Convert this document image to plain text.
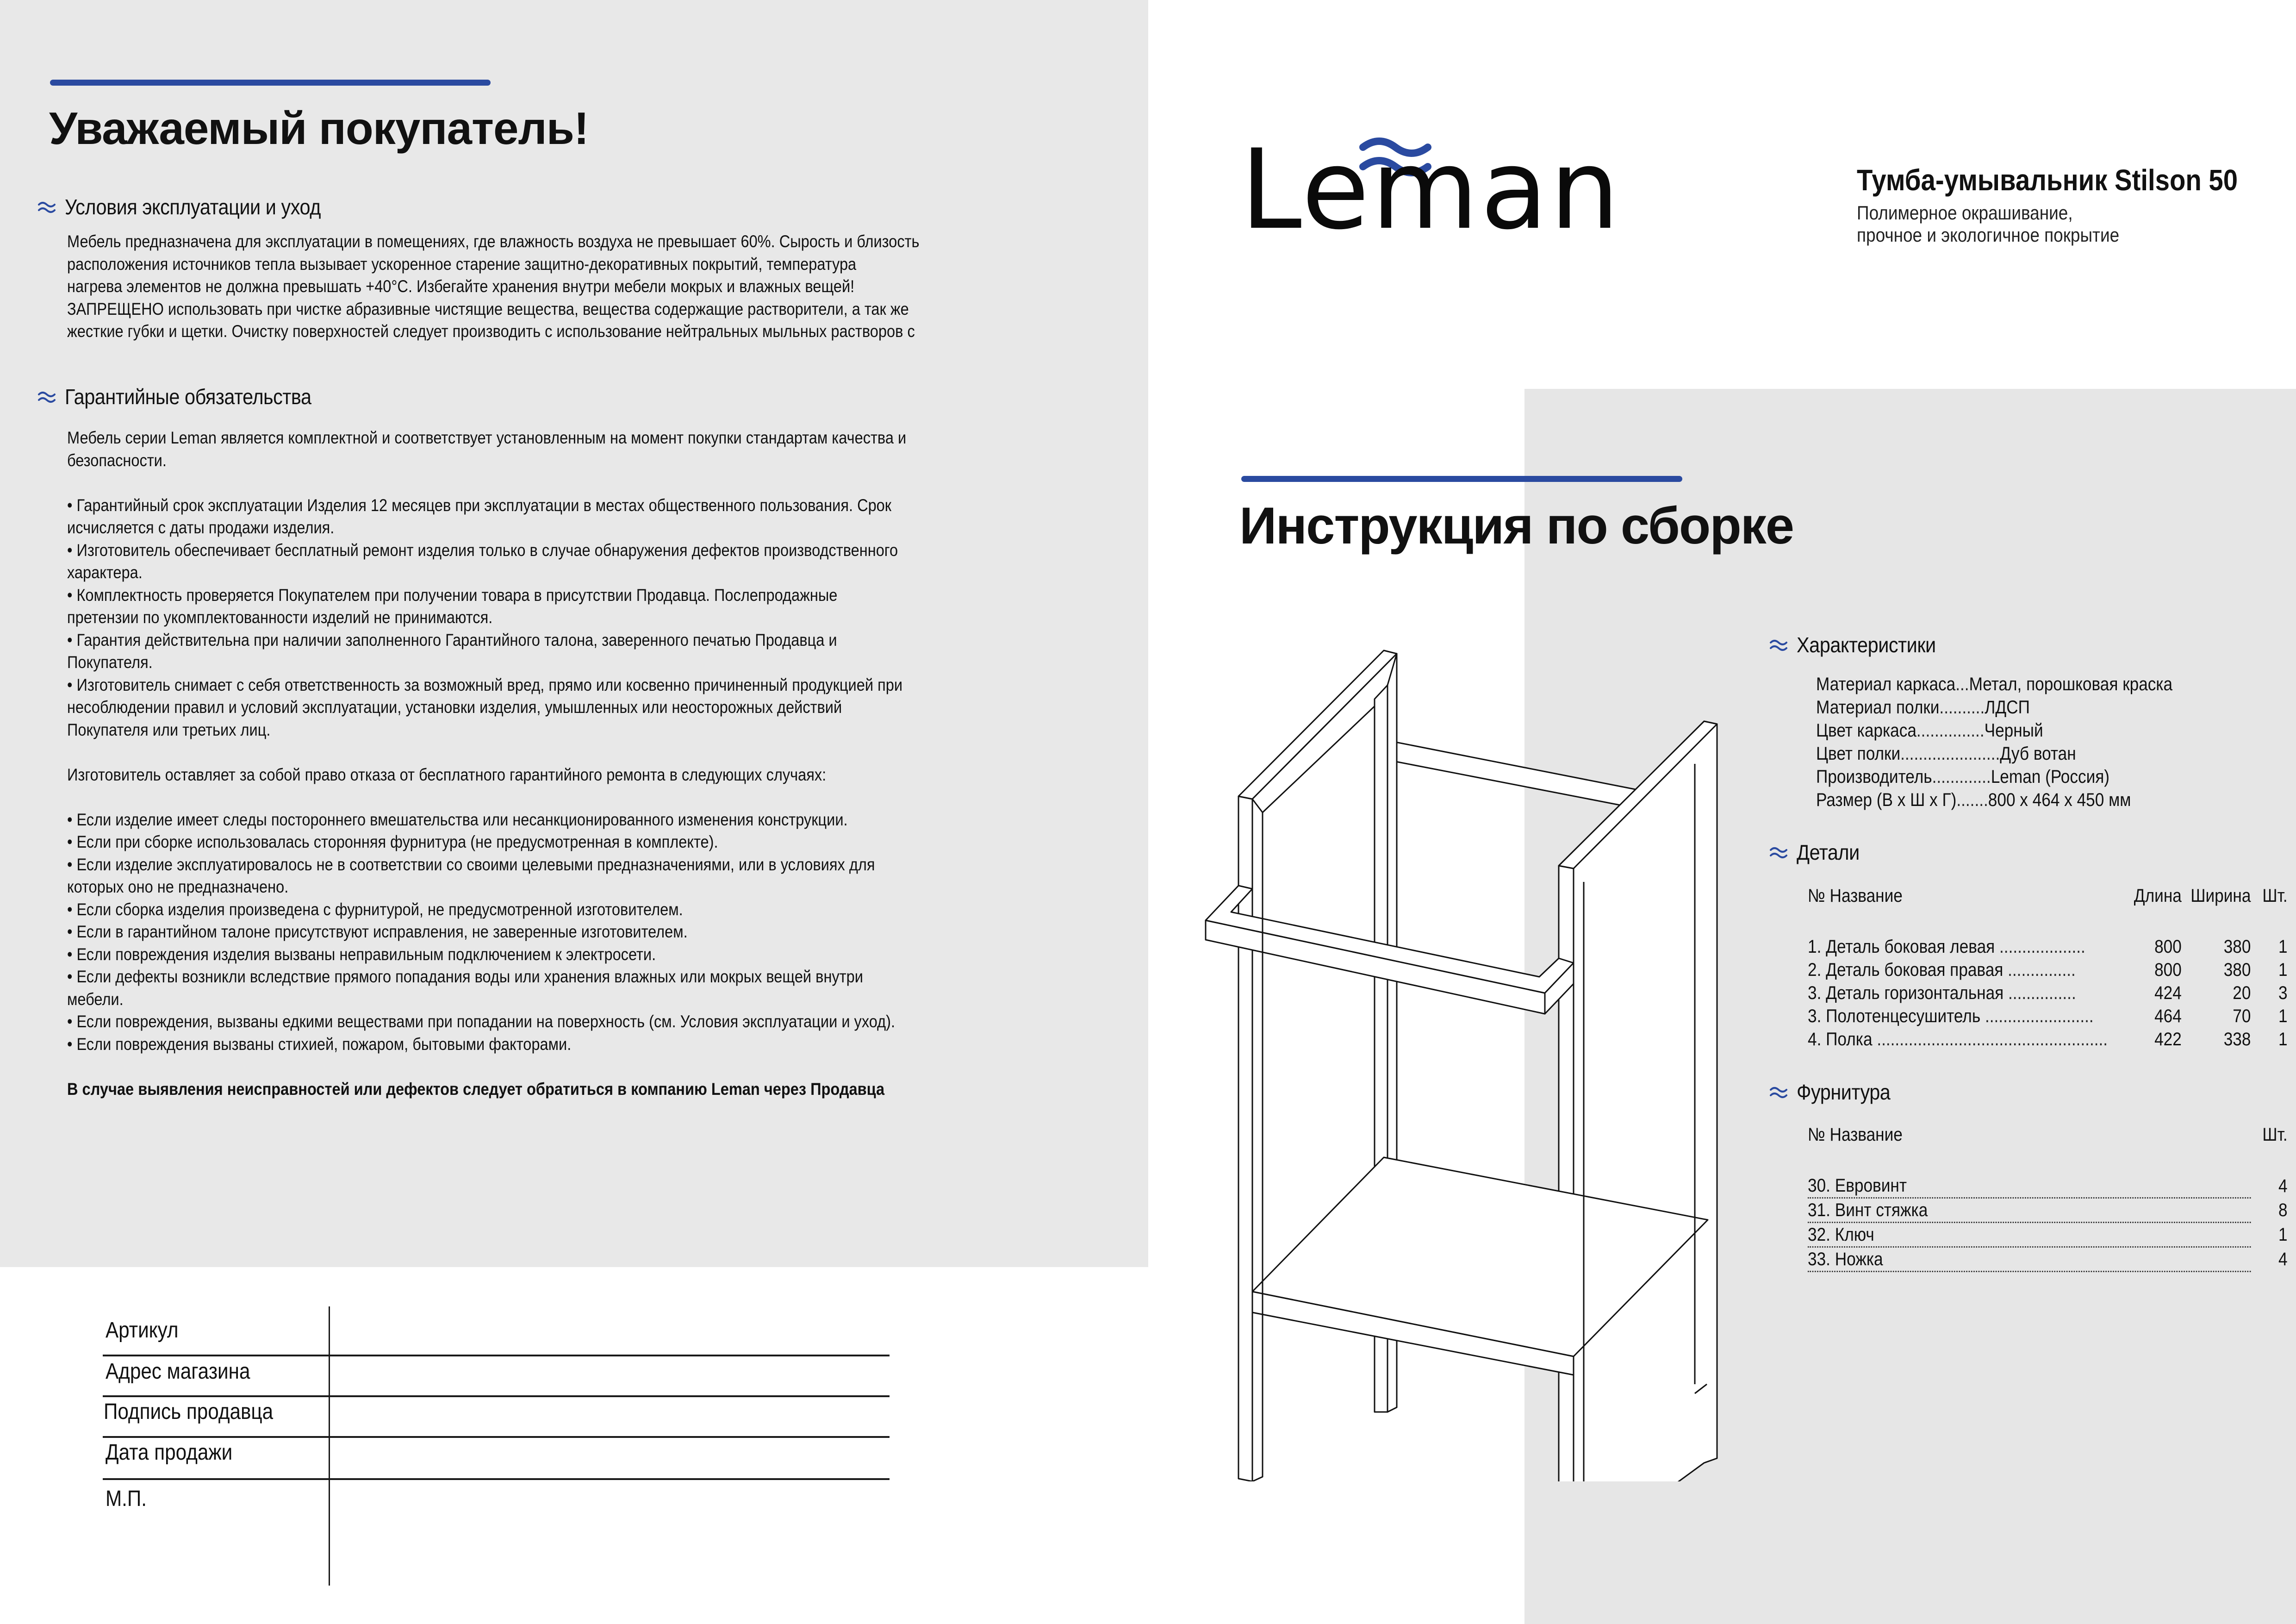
Уважаемый покупатель!
Условия эксплуатации и уход

Мебель предназначена для эксплуатации в помещениях, где влажность воздуха не превышает 60%. Сырость и близость

расположения источников тепла вызывает ускоренное старение защитно-декоративных покрытий, температура

нагрева элементов не должна превышать +40°С. Избегайте хранения внутри мебели мокрых и влажных вещей!

ЗАПРЕЩЕНО использовать при чистке абразивные чистящие вещества, вещества содержащие растворители, а так же

жесткие губки и щетки. Очистку поверхностей следует производить с использование нейтральных мыльных растворов с

Гарантийные обязательства

Мебель серии Leman является комплектной и соответствует установленным на момент покупки стандартам качества и

безопасности.

• Гарантийный срок эксплуатации Изделия 12 месяцев при эксплуатации в местах общественного пользования. Срок

исчисляется с даты продажи изделия.

• Изготовитель обеспечивает бесплатный ремонт изделия только в случае обнаружения дефектов производственного

характера.

• Комплектность проверяется Покупателем при получении товара в присутствии Продавца. Послепродажные

претензии по укомплектованности изделий не принимаются.

• Гарантия действительна при наличии заполненного Гарантийного талона, заверенного печатью Продавца и

Покупателя.

• Изготовитель снимает с себя ответственность за возможный вред, прямо или косвенно причиненный продукцией при

несоблюдении правил и условий эксплуатации, установки изделия, умышленных или неосторожных действий

Покупателя или третьих лиц.

Изготовитель оставляет за собой право отказа от бесплатного гарантийного ремонта в следующих случаях:

• Если изделие имеет следы постороннего вмешательства или несанкционированного изменения конструкции.

• Если при сборке использовалась сторонняя фурнитура (не предусмотренная в комплекте).

• Если изделие эксплуатировалось не в соответствии со своими целевыми предназначениями, или в условиях для

которых оно не предназначено.

• Если сборка изделия произведена с фурнитурой, не предусмотренной изготовителем.

• Если в гарантийном талоне присутствуют исправления, не заверенные изготовителем.

• Если повреждения изделия вызваны неправильным подключением к электросети.

• Если дефекты возникли вследствие прямого попадания воды или хранения влажных или мокрых вещей внутри

мебели.

• Если повреждения, вызваны едкими веществами при попадании на поверхность (см. Условия эксплуатации и уход).

• Если повреждения вызваны стихией, пожаром, бытовыми факторами.

В случае выявления неисправностей или дефектов следует обратиться в компанию Leman через Продавца

Артикул
Адрес магазина
Подпись продавца
Дата продажи
М.П.
Leman	Тумба-умывальник Stilson 50
Полимерное окрашивание,
прочное и экологичное покрытие
Инструкция по сборке
Характеристики
Материал каркаса ... Метал, порошковая краска
Материал полки .......... ЛДСП
Цвет каркаса ............... Черный
Цвет полки ...................... Дуб вотан
Производитель ............. Leman (Россия)
Размер (В х Ш х Г) ....... 800 х 464 х 450 мм
Детали
№ Название	Длина	Ширина	Шт.

1. Деталь боковая левая ...................	800	380	1
2. Деталь боковая правая ...............	800	380	1
3. Деталь горизонтальная ...............	424	20	3
3. Полотенцесушитель ........................	464	70	1
4. Полка ...................................................	422	338	1
Фурнитура
№ Название	Шт.

30. Евровинт	4
31. Винт стяжка	8
32. Ключ	1
33. Ножка	4
